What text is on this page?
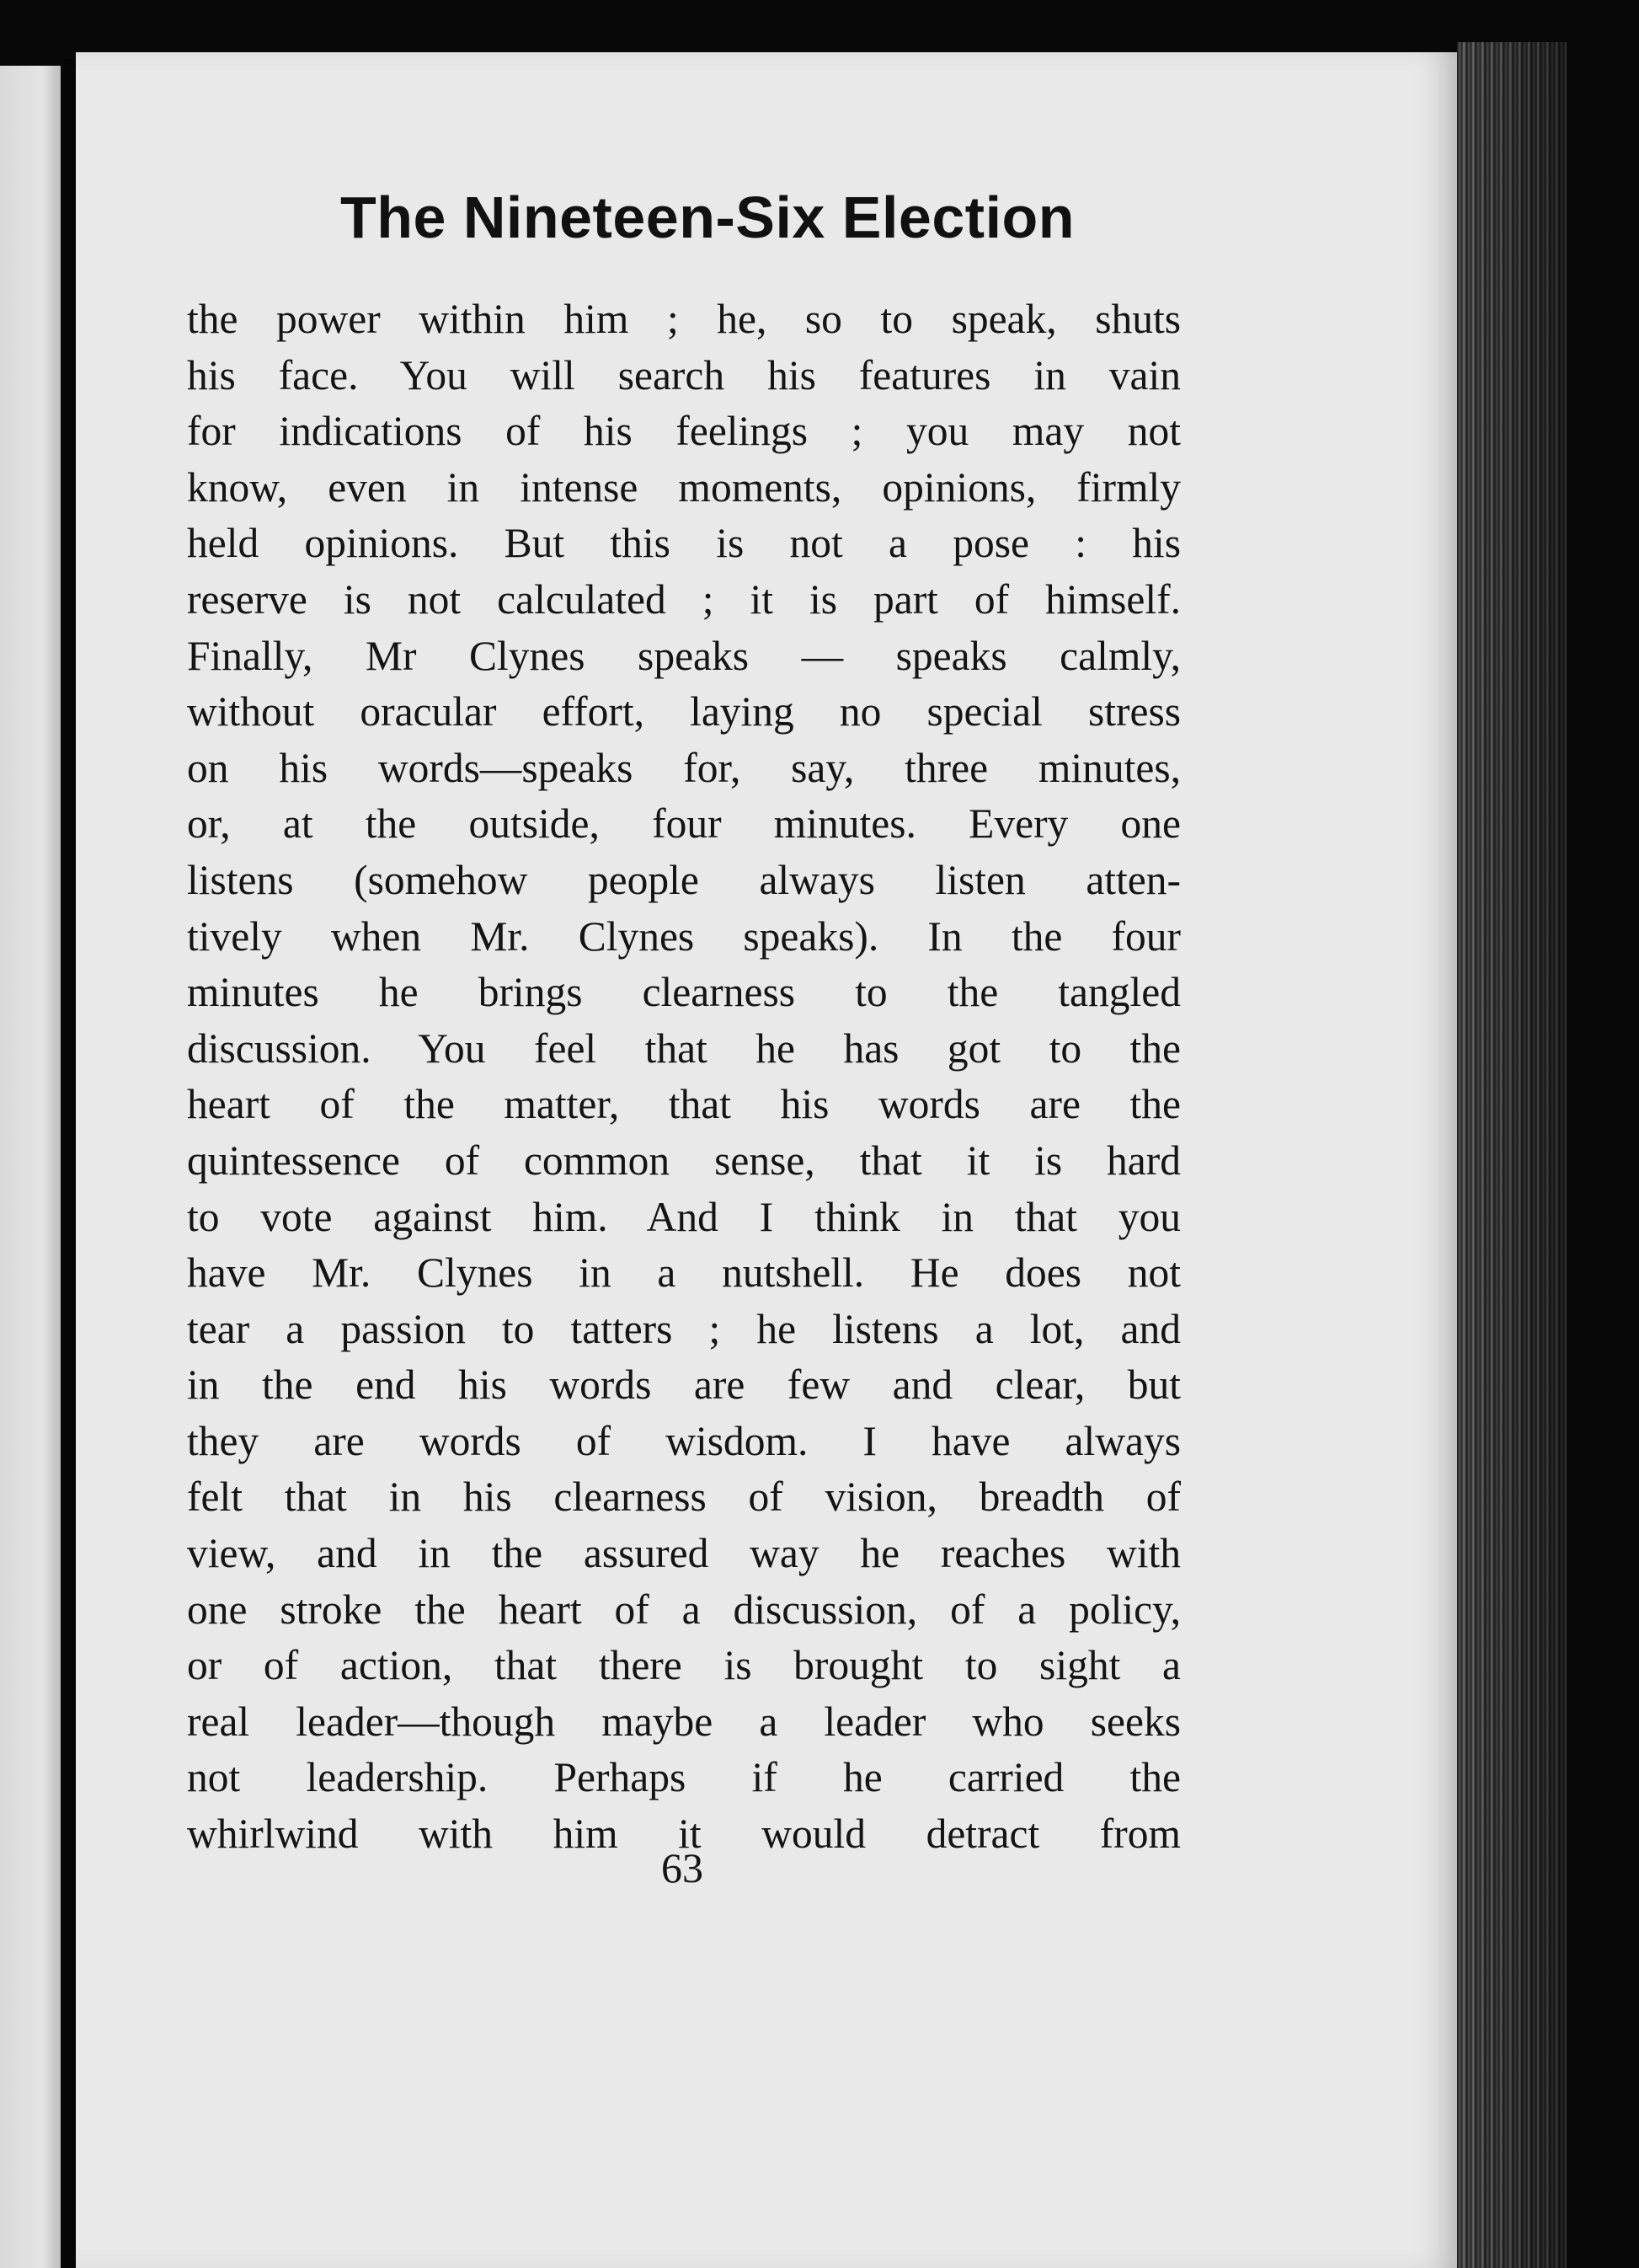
The Nineteen-Six Election
the power within him ; he, so to speak, shuts
his face. You will search his features in vain
for indications of his feelings ; you may not
know, even in intense moments, opinions, firmly
held opinions. But this is not a pose : his
reserve is not calculated ; it is part of himself.
Finally, Mr Clynes speaks — speaks calmly,
without oracular effort, laying no special stress
on his words—speaks for, say, three minutes,
or, at the outside, four minutes. Every one
listens (somehow people always listen atten-
tively when Mr. Clynes speaks). In the four
minutes he brings clearness to the tangled
discussion. You feel that he has got to the
heart of the matter, that his words are the
quintessence of common sense, that it is hard
to vote against him. And I think in that you
have Mr. Clynes in a nutshell. He does not
tear a passion to tatters ; he listens a lot, and
in the end his words are few and clear, but
they are words of wisdom. I have always
felt that in his clearness of vision, breadth of
view, and in the assured way he reaches with
one stroke the heart of a discussion, of a policy,
or of action, that there is brought to sight a
real leader—though maybe a leader who seeks
not leadership. Perhaps if he carried the
whirlwind with him it would detract from

63
